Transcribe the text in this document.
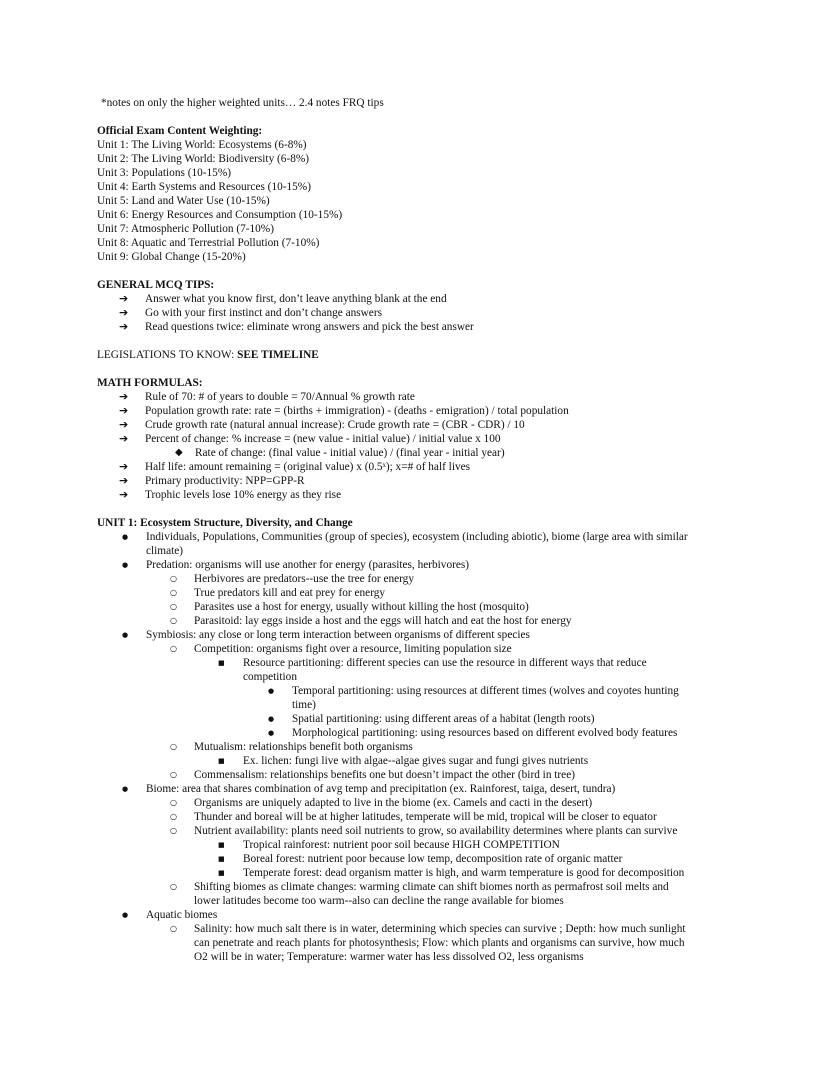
*notes on only the higher weighted units… 2.4 notes FRQ tips
Official Exam Content Weighting:
Unit 1: The Living World: Ecosystems (6-8%)
Unit 2: The Living World: Biodiversity (6-8%)
Unit 3: Populations (10-15%)
Unit 4: Earth Systems and Resources (10-15%)
Unit 5: Land and Water Use (10-15%)
Unit 6: Energy Resources and Consumption (10-15%)
Unit 7: Atmospheric Pollution (7-10%)
Unit 8: Aquatic and Terrestrial Pollution (7-10%)
Unit 9: Global Change (15-20%)
GENERAL MCQ TIPS:
➔ Answer what you know first, don’t leave anything blank at the end
➔ Go with your first instinct and don’t change answers
➔ Read questions twice: eliminate wrong answers and pick the best answer
LEGISLATIONS TO KNOW: SEE TIMELINE
MATH FORMULAS:
➔ Rule of 70: # of years to double = 70/Annual % growth rate
➔ Population growth rate: rate = (births + immigration) - (deaths - emigration) / total population
➔ Crude growth rate (natural annual increase): Crude growth rate = (CBR - CDR) / 10
➔ Percent of change: % increase = (new value - initial value) / initial value x 100
◆ Rate of change: (final value - initial value) / (final year - initial year)
➔ Half life: amount remaining = (original value) x (0.5ˣ); x=# of half lives
➔ Primary productivity: NPP=GPP-R
➔ Trophic levels lose 10% energy as they rise
UNIT 1: Ecosystem Structure, Diversity, and Change
● Individuals, Populations, Communities (group of species), ecosystem (including abiotic), biome (large area with similar
climate)
● Predation: organisms will use another for energy (parasites, herbivores)
○ Herbivores are predators--use the tree for energy
○ True predators kill and eat prey for energy
○ Parasites use a host for energy, usually without killing the host (mosquito)
○ Parasitoid: lay eggs inside a host and the eggs will hatch and eat the host for energy
● Symbiosis: any close or long term interaction between organisms of different species
○ Competition: organisms fight over a resource, limiting population size
■ Resource partitioning: different species can use the resource in different ways that reduce
competition
● Temporal partitioning: using resources at different times (wolves and coyotes hunting
time)
● Spatial partitioning: using different areas of a habitat (length roots)
● Morphological partitioning: using resources based on different evolved body features
○ Mutualism: relationships benefit both organisms
■ Ex. lichen: fungi live with algae--algae gives sugar and fungi gives nutrients
○ Commensalism: relationships benefits one but doesn’t impact the other (bird in tree)
● Biome: area that shares combination of avg temp and precipitation (ex. Rainforest, taiga, desert, tundra)
○ Organisms are uniquely adapted to live in the biome (ex. Camels and cacti in the desert)
○ Thunder and boreal will be at higher latitudes, temperate will be mid, tropical will be closer to equator
○ Nutrient availability: plants need soil nutrients to grow, so availability determines where plants can survive
■ Tropical rainforest: nutrient poor soil because HIGH COMPETITION
■ Boreal forest: nutrient poor because low temp, decomposition rate of organic matter
■ Temperate forest: dead organism matter is high, and warm temperature is good for decomposition
○ Shifting biomes as climate changes: warming climate can shift biomes north as permafrost soil melts and
lower latitudes become too warm--also can decline the range available for biomes
● Aquatic biomes
○ Salinity: how much salt there is in water, determining which species can survive ; Depth: how much sunlight
can penetrate and reach plants for photosynthesis; Flow: which plants and organisms can survive, how much
O2 will be in water; Temperature: warmer water has less dissolved O2, less organisms
